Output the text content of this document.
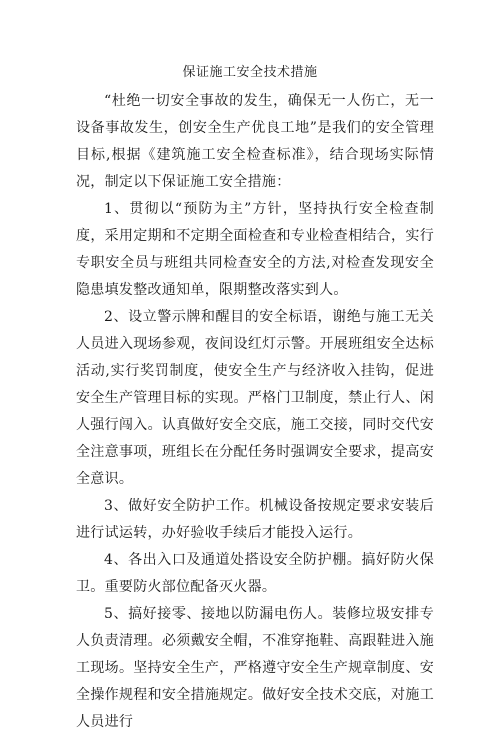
保证施工安全技术措施

“杜绝一切安全事故的发生，确保无一人伤亡，无一设备事故发生，创安全生产优良工地”是我们的安全管理目标,根据《建筑施工安全检查标准》，结合现场实际情况，制定以下保证施工安全措施：

1、贯彻以“预防为主”方针，坚持执行安全检查制度，采用定期和不定期全面检查和专业检查相结合，实行专职安全员与班组共同检查安全的方法,对检查发现安全隐患填发整改通知单，限期整改落实到人。

2、设立警示牌和醒目的安全标语，谢绝与施工无关人员进入现场参观，夜间设红灯示警。开展班组安全达标活动,实行奖罚制度，使安全生产与经济收入挂钩，促进安全生产管理目标的实现。严格门卫制度，禁止行人、闲人强行闯入。认真做好安全交底，施工交接，同时交代安全注意事项，班组长在分配任务时强调安全要求，提高安全意识。

3、做好安全防护工作。机械设备按规定要求安装后进行试运转，办好验收手续后才能投入运行。

4、各出入口及通道处搭设安全防护棚。搞好防火保卫。重要防火部位配备灭火器。

5、搞好接零、接地以防漏电伤人。装修垃圾安排专人负责清理。必须戴安全帽，不准穿拖鞋、高跟鞋进入施工现场。坚持安全生产，严格遵守安全生产规章制度、安全操作规程和安全措施规定。做好安全技术交底，对施工人员进行
